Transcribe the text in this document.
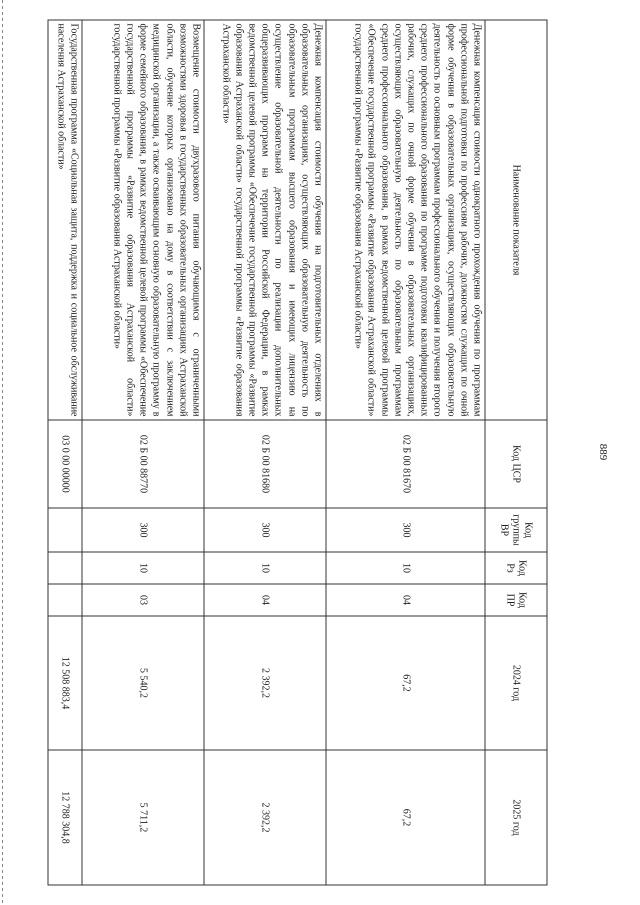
889
Наименование показателя	Код ЦСР	Код группы ВР	Код Рз	Код ПР	2024 год	2025 год
Денежная компенсация стоимости однократного прохождения обучения по программам профессиональной подготовки по профессиям рабочих, должностям служащих по очной форме обучения в образовательных организациях, осуществляющих образовательную деятельность по основным программам профессионального обучения и получения второго среднего профессионального образования по программе подготовки квалифицированных рабочих, служащих по очной форме обучения в образовательных организациях, осуществляющих образовательную деятельность по образовательным программам среднего профессионального образования, в рамках ведомственной целевой программы «Обеспечение государственной программы «Развитие образования Астраханской области» государственной программы «Развитие образования Астраханской области»	02 Б 00 81670	300	10	04	67,2	67,2
Денежная компенсация стоимости обучения на подготовительных отделениях в образовательных организациях, осуществляющих образовательную деятельность по образовательным программам высшего образования и имеющих лицензию на осуществление образовательной деятельности по реализации дополнительных общеразвивающих программ на территории Российской Федерации, в рамках ведомственной целевой программы «Обеспечение государственной программы «Развитие образования Астраханской области» государственной программы «Развитие образования Астраханской области»	02 Б 00 81680	300	10	04	2 392,2	2 392,2
Возмещение стоимости двухразового питания обучающимся с ограниченными возможностями здоровья в государственных образовательных организациях Астраханской области, обучение которых организовано на дому в соответствии с заключением медицинской организации, а также осваивающим основную образовательную программу в форме семейного образования, в рамках ведомственной целевой программы «Обеспечение государственной программы «Развитие образования Астраханской области» государственной программы «Развитие образования Астраханской области»	02 Б 00 88770	300	10	03	5 540,2	5 711,2
Государственная программа «Социальная защита, поддержка и социальное обслуживание населения Астраханской области»	03 0 00 00000				12 508 883,4	12 788 304,8
